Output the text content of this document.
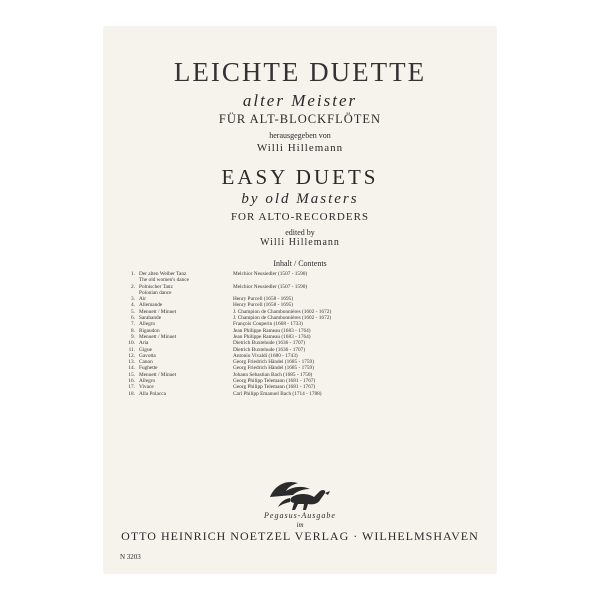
LEICHTE DUETTE
alter Meister
FÜR ALT-BLOCKFLÖTEN
herausgegeben von
Willi Hillemann
EASY DUETS
by old Masters
FOR ALTO-RECORDERS
edited by
Willi Hillemann
Inhalt / Contents
1. Der alten Weiber Tanz	Melchior Neusiedler (1507 - 1590)
The old women's dance
2. Polnischer Tanz	Melchior Neusiedler (1507 - 1590)
Polonian dance
3. Air	Henry Purcell (1658 - 1695)
4. Allemande	Henry Purcell (1658 - 1695)
5. Menuett / Minuet	J. Champion de Chambonnières (1602 - 1672)
6. Sarabande	J. Champion de Chambonnières (1602 - 1672)
7. Allegro	François Couperin (1668 - 1733)
8. Rigaudon	Jean Philippe Rameau (1683 - 1764)
9. Menuett / Minuet	Jean Philippe Rameau (1683 - 1764)
10. Aria	Dietrich Buxtehude (1636 - 1707)
11. Gigue	Dietrich Buxtehude (1636 - 1707)
12. Gavotta	Antonio Vivaldi (1680 - 1743)
13. Canon	Georg Friedrich Händel (1685 - 1759)
14. Fughette	Georg Friedrich Händel (1685 - 1759)
15. Menuett / Minuet	Johann Sebastian Bach (1685 - 1750)
16. Allegro	Georg Philipp Telemann (1681 - 1767)
17. Vivace	Georg Philipp Telemann (1681 - 1767)
18. Alla Polacca	Carl Philipp Emanuel Bach (1714 - 1788)
Pegasus-Ausgabe
im
OTTO HEINRICH NOETZEL VERLAG · WILHELMSHAVEN
N 3203
